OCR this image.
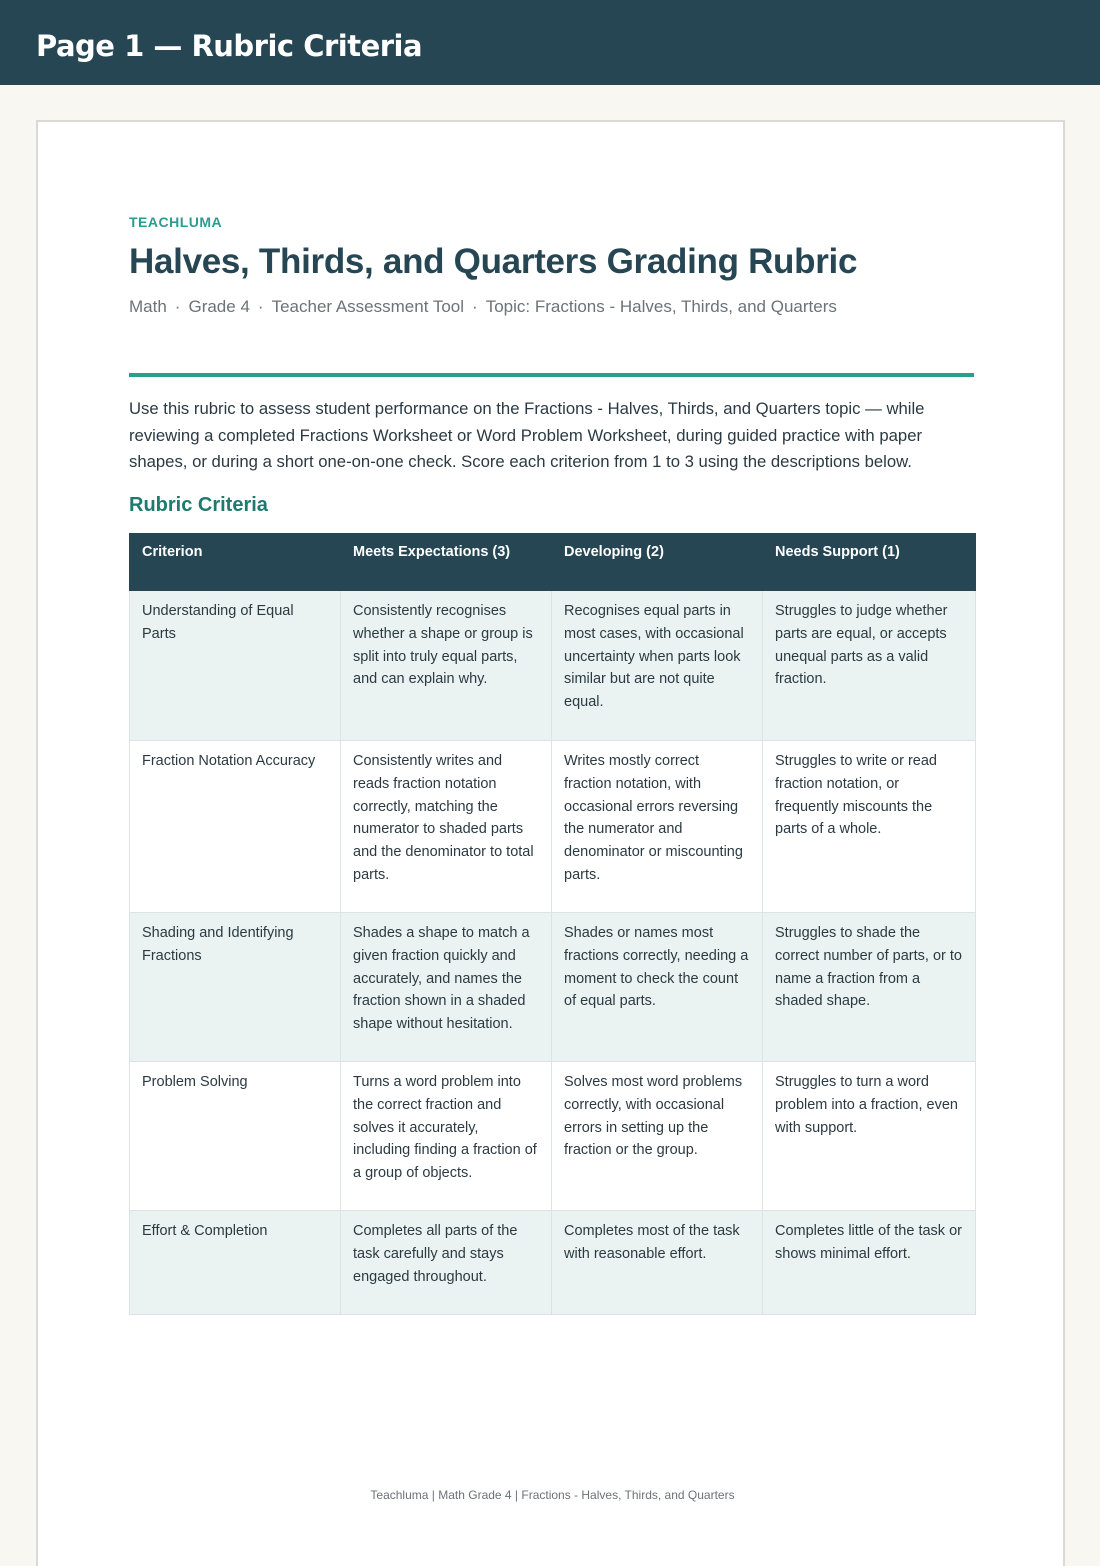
Page 1 — Rubric Criteria
TEACHLUMA
Halves, Thirds, and Quarters Grading Rubric
Math · Grade 4 · Teacher Assessment Tool · Topic: Fractions - Halves, Thirds, and Quarters

Use this rubric to assess student performance on the Fractions - Halves, Thirds, and Quarters topic — while reviewing a completed Fractions Worksheet or Word Problem Worksheet, during guided practice with paper shapes, or during a short one-on-one check. Score each criterion from 1 to 3 using the descriptions below.

Rubric Criteria
Criterion	Meets Expectations (3)	Developing (2)	Needs Support (1)
Understanding of Equal Parts	Consistently recognises whether a shape or group is split into truly equal parts, and can explain why.	Recognises equal parts in most cases, with occasional uncertainty when parts look similar but are not quite equal.	Struggles to judge whether parts are equal, or accepts unequal parts as a valid fraction.
Fraction Notation Accuracy	Consistently writes and reads fraction notation correctly, matching the numerator to shaded parts and the denominator to total parts.	Writes mostly correct fraction notation, with occasional errors reversing the numerator and denominator or miscounting parts.	Struggles to write or read fraction notation, or frequently miscounts the parts of a whole.
Shading and Identifying Fractions	Shades a shape to match a given fraction quickly and accurately, and names the fraction shown in a shaded shape without hesitation.	Shades or names most fractions correctly, needing a moment to check the count of equal parts.	Struggles to shade the correct number of parts, or to name a fraction from a shaded shape.
Problem Solving	Turns a word problem into the correct fraction and solves it accurately, including finding a fraction of a group of objects.	Solves most word problems correctly, with occasional errors in setting up the fraction or the group.	Struggles to turn a word problem into a fraction, even with support.
Effort & Completion	Completes all parts of the task carefully and stays engaged throughout.	Completes most of the task with reasonable effort.	Completes little of the task or shows minimal effort.
Teachluma | Math Grade 4 | Fractions - Halves, Thirds, and Quarters
